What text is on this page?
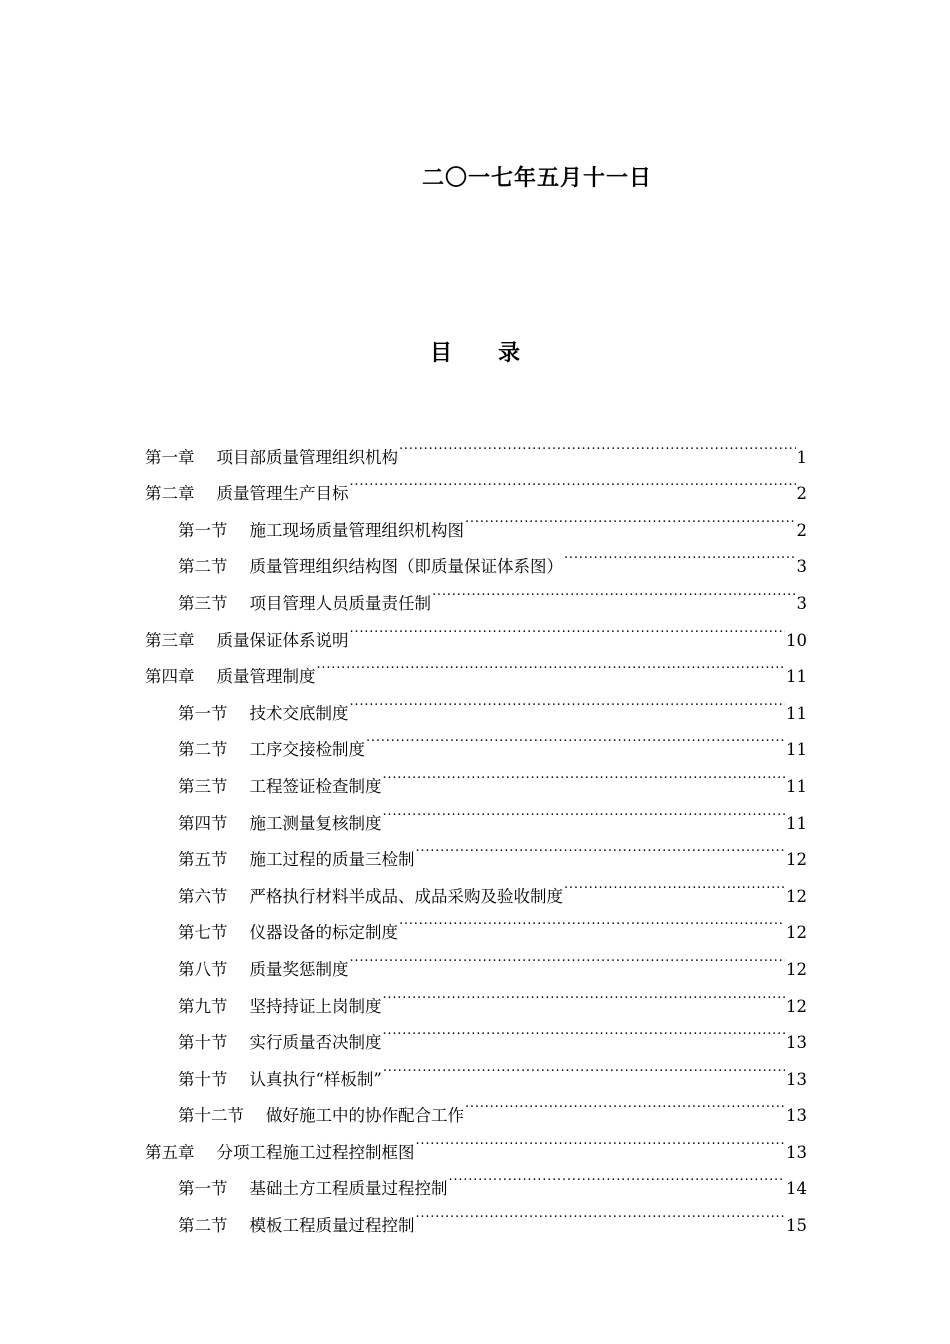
二〇一七年五月十一日
目 录
第一章 项目部质量管理组织机构 .....	1
第二章 质量管理生产目标 .....	2
第一节 施工现场质量管理组织机构图 .....	2
第二节 质量管理组织结构图（即质量保证体系图） .....	3
第三节 项目管理人员质量责任制 .....	3
第三章 质量保证体系说明 .....	10
第四章 质量管理制度 .....	11
第一节 技术交底制度 .....	11
第二节 工序交接检制度 .....	11
第三节 工程签证检查制度 .....	11
第四节 施工测量复核制度 .....	11
第五节 施工过程的质量三检制 .....	12
第六节 严格执行材料半成品、成品采购及验收制度 .....	12
第七节 仪器设备的标定制度 .....	12
第八节 质量奖惩制度 .....	12
第九节 坚持持证上岗制度 .....	12
第十节 实行质量否决制度 .....	13
第十节 认真执行“样板制” .....	13
第十二节 做好施工中的协作配合工作 .....	13
第五章 分项工程施工过程控制框图 .....	13
第一节 基础土方工程质量过程控制 .....	14
第二节 模板工程质量过程控制 .....	15
